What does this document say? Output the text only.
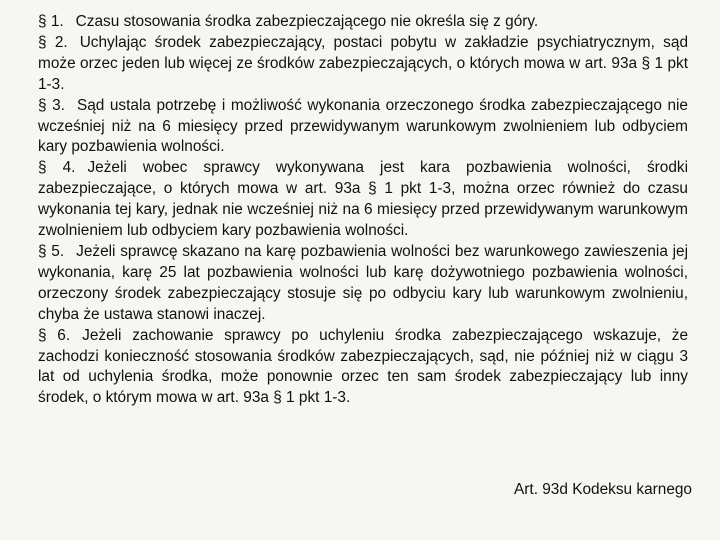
§ 1. Czasu stosowania środka zabezpieczającego nie określa się z góry.

§ 2. Uchylając środek zabezpieczający, postaci pobytu w zakładzie psychiatrycznym, sąd może orzec jeden lub więcej ze środków zabezpieczających, o których mowa w art. 93a § 1 pkt 1-3.

§ 3. Sąd ustala potrzebę i możliwość wykonania orzeczonego środka zabezpieczającego nie wcześniej niż na 6 miesięcy przed przewidywanym warunkowym zwolnieniem lub odbyciem kary pozbawienia wolności.

§ 4. Jeżeli wobec sprawcy wykonywana jest kara pozbawienia wolności, środki zabezpieczające, o których mowa w art. 93a § 1 pkt 1-3, można orzec również do czasu wykonania tej kary, jednak nie wcześniej niż na 6 miesięcy przed przewidywanym warunkowym zwolnieniem lub odbyciem kary pozbawienia wolności.

§ 5. Jeżeli sprawcę skazano na karę pozbawienia wolności bez warunkowego zawieszenia jej wykonania, karę 25 lat pozbawienia wolności lub karę dożywotniego pozbawienia wolności, orzeczony środek zabezpieczający stosuje się po odbyciu kary lub warunkowym zwolnieniu, chyba że ustawa stanowi inaczej.

§ 6. Jeżeli zachowanie sprawcy po uchyleniu środka zabezpieczającego wskazuje, że zachodzi konieczność stosowania środków zabezpieczających, sąd, nie później niż w ciągu 3 lat od uchylenia środka, może ponownie orzec ten sam środek zabezpieczający lub inny środek, o którym mowa w art. 93a § 1 pkt 1-3.

Art. 93d Kodeksu karnego
